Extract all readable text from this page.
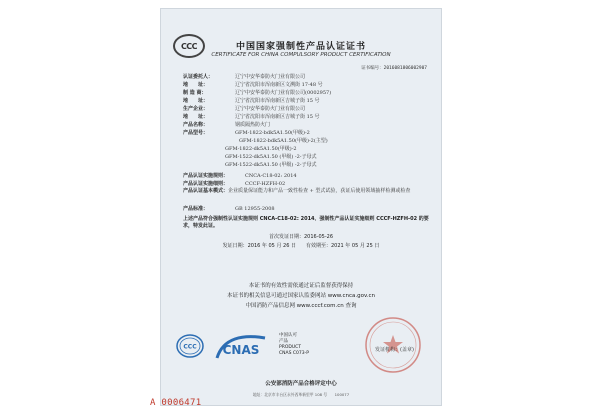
CCC	中国国家强制性产品认证证书
CERTIFICATE FOR CHINA COMPULSORY PRODUCT CERTIFICATION
证书编号：2016081806002907
认证委托人：	辽宁中安华泰防火门业有限公司
地　　址：	辽宁省沈阳市浑南新区文溯街 17-48 号
制 造 商：	辽宁中安华泰防火门业有限公司(0002957)
地　　址：	辽宁省沈阳市浑南新区吉城子街 15 号
生产企业：	辽宁中安华泰防火门业有限公司
地　　址：	辽宁省沈阳市浑南新区吉城子街 15 号
产品名称：	钢质隔热防火门
产品型号：	GFM-1822-bdk5A1.50(甲级)-2
GFM-1822-bdk5A1.50(甲级)-2(主型)
GFM-1822-dk5A1.50(甲级)-2
GFM-1522-dk5A1.50 (甲级) -2-子母式
GFM-1522-dk5A1.50 (甲级) -2-子母式
产品认证实施规则：	CNCA-C18-02: 2014
产品认证实施细则：	CCCF-HZFH-02
产品认证基本模式：企业质量保证能力和产品一致性检查 + 型式试验，获证后使用领域抽样检测或检查
产品标准：	GB 12955-2008
上述产品符合强制性认证实施规则 CNCA-C18-02: 2014、强制性产品认证实施细则 CCCF-HZFH-02 的要求，特发此证。
首次发证日期：2016-05-26
发证日期：2016 年 05 月 26 日　　有效期至：2021 年 05 月 25 日
本证书的有效性需依通过证后监督获得保持
本证书的相关信息可通过国家认监委网站 www.cnca.gov.cn
中国消防产品信息网 www.cccf.com.cn 查询
CCC CNAS
中国认可
产品
PRODUCT
CNAS C073-P
发证机构：(盖章)
公安部消防产品合格评定中心
地址：北京市丰台区永外西革新里甲 108 号　　100077
A 0006471
